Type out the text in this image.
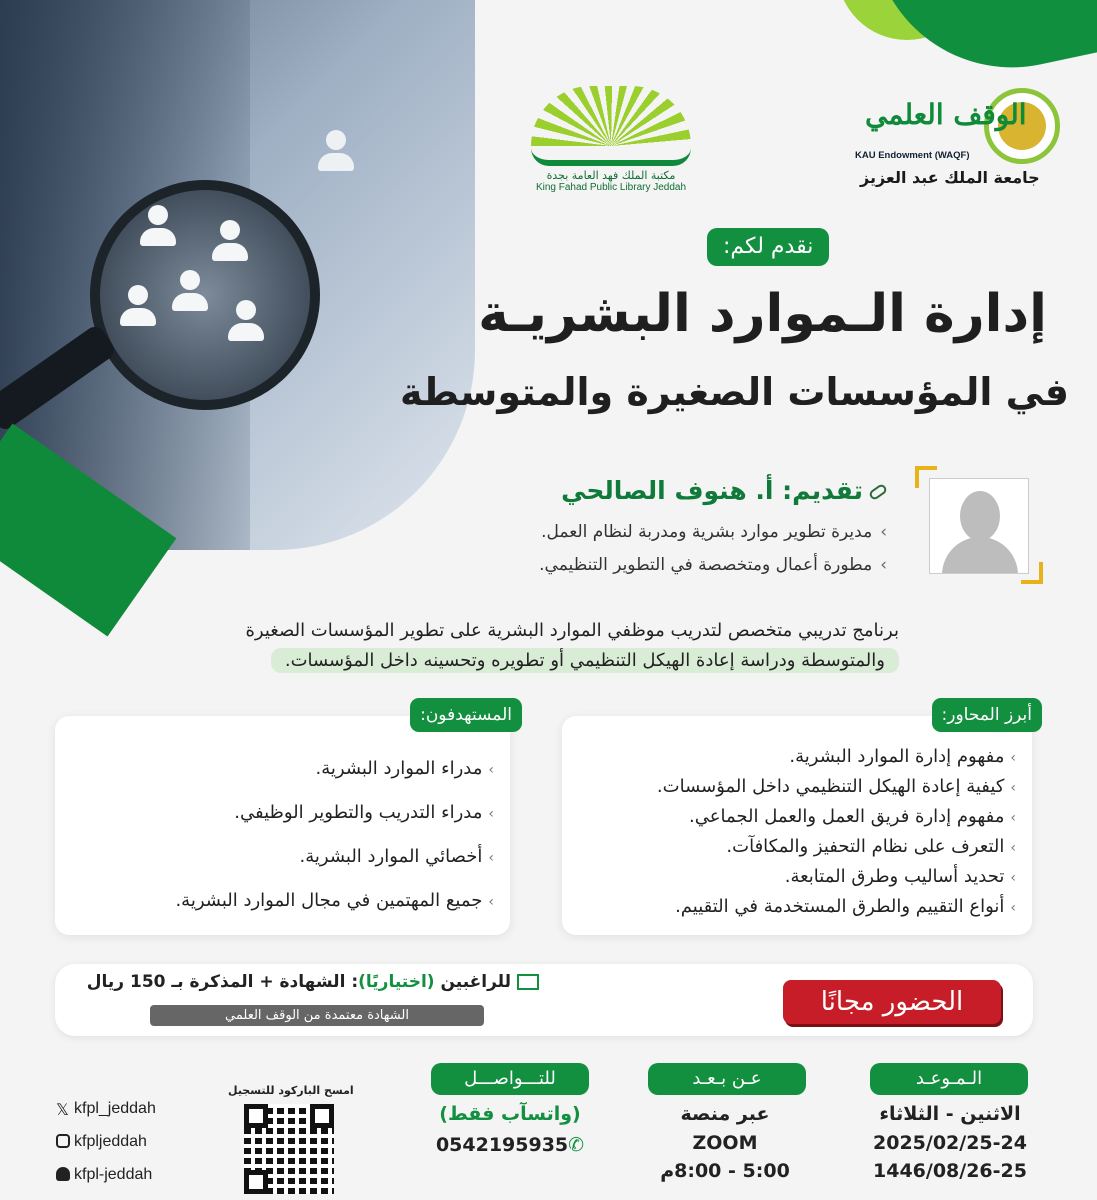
مكتبة الملك فهد العامة بجدة
King Fahad Public Library Jeddah
الوقف العلمي
KAU Endowment (WAQF)
جامعة الملك عبد العزيز
نقدم لكم:
إدارة الـموارد البشريـة
في المؤسسات الصغيرة والمتوسطة
تقديم: أ. هنوف الصالحي
›مديرة تطوير موارد بشرية ومدربة لنظام العمل.
›مطورة أعمال ومتخصصة في التطوير التنظيمي.
برنامج تدريبي متخصص لتدريب موظفي الموارد البشرية على تطوير المؤسسات الصغيرة
والمتوسطة ودراسة إعادة الهيكل التنظيمي أو تطويره وتحسينه داخل المؤسسات.
أبرز المحاور:
›مفهوم إدارة الموارد البشرية.
›كيفية إعادة الهيكل التنظيمي داخل المؤسسات.
›مفهوم إدارة فريق العمل والعمل الجماعي.
›التعرف على نظام التحفيز والمكافآت.
›تحديد أساليب وطرق المتابعة.
›أنواع التقييم والطرق المستخدمة في التقييم.
المستهدفون:
›مدراء الموارد البشرية.
›مدراء التدريب والتطوير الوظيفي.
›أخصائي الموارد البشرية.
›جميع المهتمين في مجال الموارد البشرية.
الحضور مجانًا
للراغبين (اختياريًا): الشهادة + المذكرة بـ 150 ريال
الشهادة معتمدة من الوقف العلمي
الـمـوعـد
الاثنين - الثلاثاء
2025/02/25-24
1446/08/26-25
عـن بـعـد
عبر منصة
ZOOM
5:00 - 8:00م
للتـــواصـــل
(واتسآب فقط)
0542195935✆
امسح الباركود للتسجيل
𝕏 kfpl_jeddah
kfpljeddah
kfpl-jeddah
